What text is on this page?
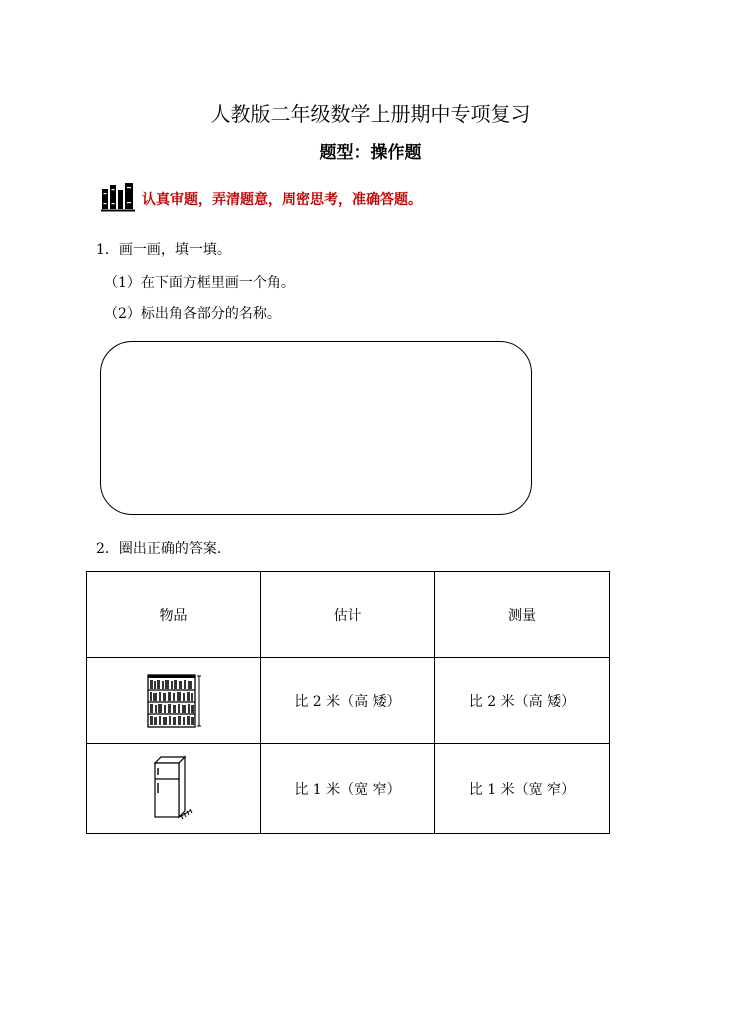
人教版二年级数学上册期中专项复习
题型：操作题
认真审题，弄清题意，周密思考，准确答题。
1．画一画，填一填。
（1）在下面方框里画一个角。
（2）标出角各部分的名称。
2．圈出正确的答案.
物品	估计	测量

	比 2 米（高 矮）	比 2 米（高 矮）

	比 1 米（宽 窄）	比 1 米（宽 窄）
